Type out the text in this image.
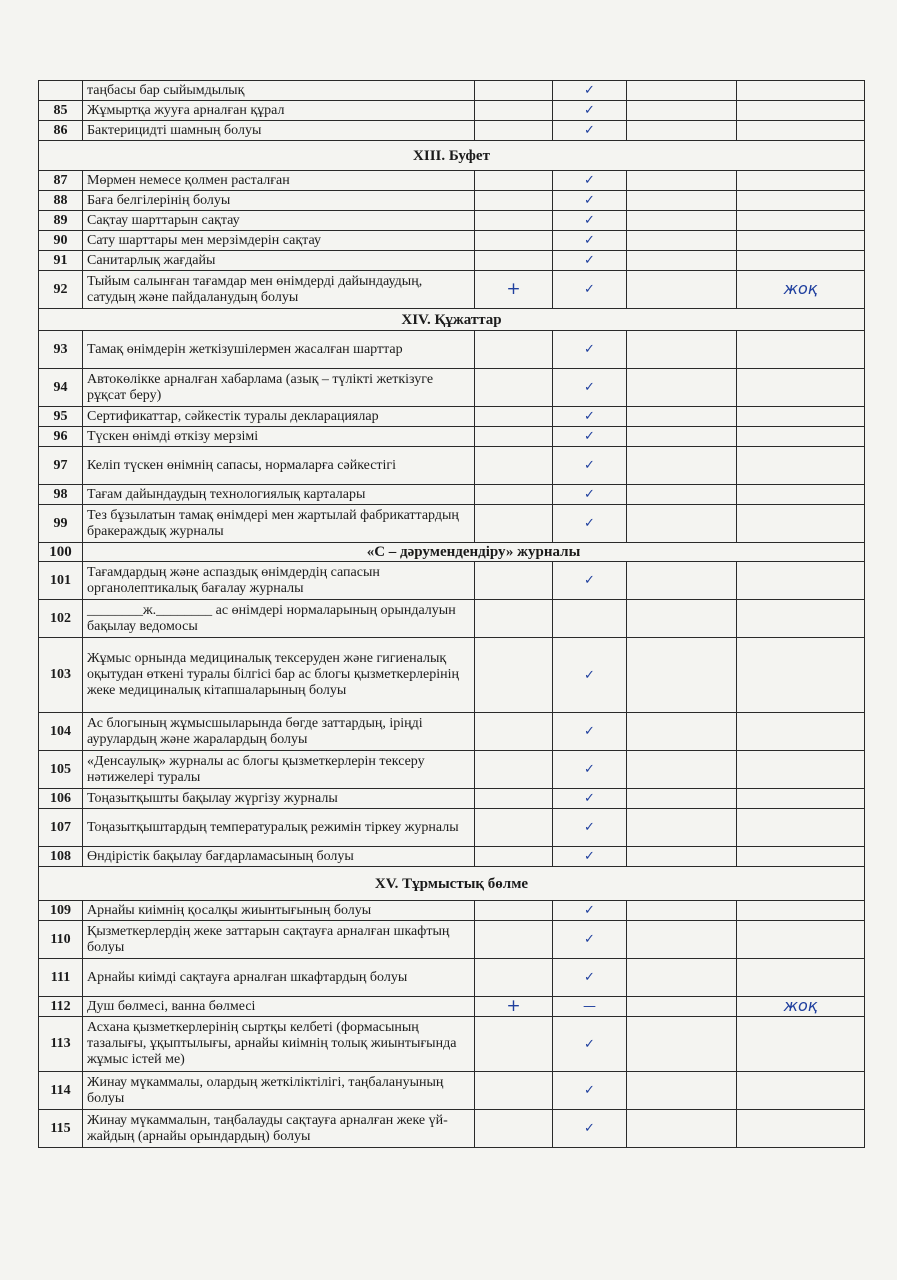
	таңбасы бар сыйымдылық		✓		
85	Жұмыртқа жууға арналған құрал		✓		
86	Бактерицидті шамның болуы		✓		
XIII. Буфет					
87	Мөрмен немесе қолмен расталған		✓		
88	Баға белгілерінің болуы		✓		
89	Сақтау шарттарын сақтау		✓		
90	Сату шарттары мен мерзімдерін сақтау		✓		
91	Санитарлық жағдайы		✓		
92	Тыйым салынған тағамдар мен өнімдерді дайындаудың, сатудың және пайдаланудың болуы	+	✓		жоқ
XIV. Құжаттар					
93	Тамақ өнімдерін жеткізушілермен жасалған шарттар		✓		
94	Автокөлікке арналған хабарлама (азық – түлікті жеткізуге рұқсат беру)		✓		
95	Сертификаттар, сәйкестік туралы декларациялар		✓		
96	Түскен өнімді өткізу мерзімі		✓		
97	Келіп түскен өнімнің сапасы, нормаларға сәйкестігі		✓		
98	Тағам дайындаудың технологиялық карталары		✓		
99	Тез бұзылатын тамақ өнімдері мен жартылай фабрикаттардың бракераждық журналы		✓		
100	«С – дәрумендендіру» журналы				
101	Тағамдардың және аспаздық өнімдердің сапасын органолептикалық бағалау журналы		✓		
102	________ж.________ ас өнімдері нормаларының орындалуын бақылау ведомосы				
103	Жұмыс орнында медициналық тексеруден және гигиеналық оқытудан өткені туралы білгісі бар ас блогы қызметкерлерінің жеке медициналық кітапшаларының болуы		✓		
104	Ас блогының жұмысшыларында бөгде заттардың, іріңді аурулардың және жаралардың болуы		✓		
105	«Денсаулық» журналы ас блогы қызметкерлерін тексеру нәтижелері туралы		✓		
106	Тоңазытқышты бақылау жүргізу журналы		✓		
107	Тоңазытқыштардың температуралық режимін тіркеу журналы		✓		
108	Өндірістік бақылау бағдарламасының болуы		✓		
XV. Тұрмыстық бөлме					
109	Арнайы киімнің қосалқы жиынтығының болуы		✓		
110	Қызметкерлердің жеке заттарын сақтауға арналған шкафтың болуы		✓		
111	Арнайы киімді сақтауға арналған шкафтардың болуы		✓		
112	Душ бөлмесі, ванна бөлмесі	+	—		жоқ
113	Асхана қызметкерлерінің сыртқы келбеті (формасының тазалығы, ұқыптылығы, арнайы киімнің толық жиынтығында жұмыс істей ме)		✓		
114	Жинау мүкаммалы, олардың жеткіліктілігі, таңбалануының болуы		✓		
115	Жинау мүкаммалын, таңбалауды сақтауға арналған жеке үй-жайдың (арнайы орындардың) болуы		✓		
